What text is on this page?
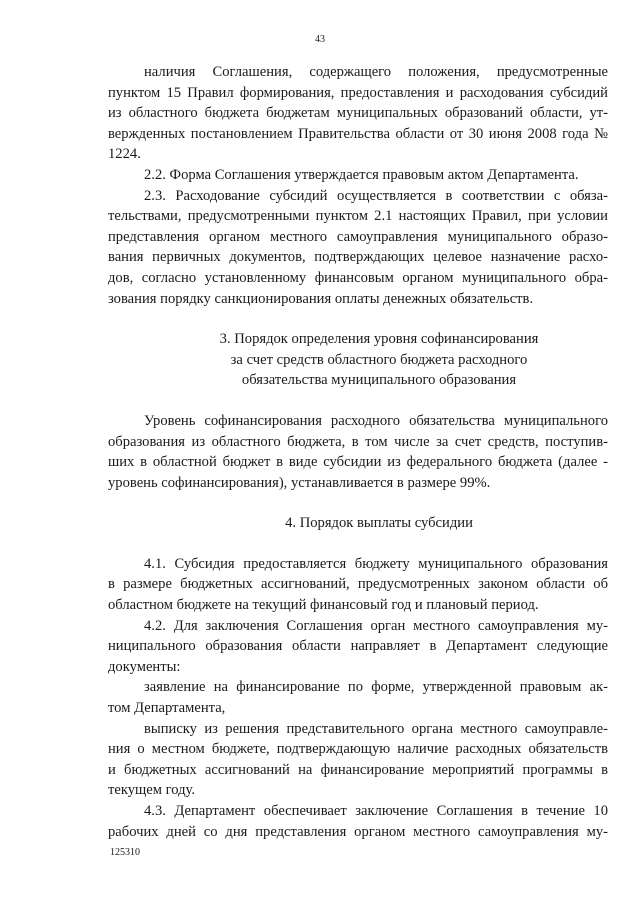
43
наличия Соглашения, содержащего положения, предусмотренные
пунктом 15 Правил формирования, предоставления и расходования субсидий
из областного бюджета бюджетам муниципальных образований области, ут-
вержденных постановлением Правительства области от 30 июня 2008 года №
1224.
2.2. Форма Соглашения утверждается правовым актом Департамента.
2.3. Расходование субсидий осуществляется в соответствии с обяза-
тельствами, предусмотренными пунктом 2.1 настоящих Правил, при условии
представления органом местного самоуправления муниципального образо-
вания первичных документов, подтверждающих целевое назначение расхо-
дов, согласно установленному финансовым органом муниципального обра-
зования порядку санкционирования оплаты денежных обязательств.
3. Порядок определения уровня софинансирования
за счет средств областного бюджета расходного
обязательства муниципального образования
Уровень софинансирования расходного обязательства муниципального
образования из областного бюджета, в том числе за счет средств, поступив-
ших в областной бюджет в виде субсидии из федерального бюджета (далее -
уровень софинансирования), устанавливается в размере 99%.
4. Порядок выплаты субсидии
4.1. Субсидия предоставляется бюджету муниципального образования
в размере бюджетных ассигнований, предусмотренных законом области об
областном бюджете на текущий финансовый год и плановый период.
4.2. Для заключения Соглашения орган местного самоуправления му-
ниципального образования области направляет в Департамент следующие
документы:
заявление на финансирование по форме, утвержденной правовым ак-
том Департамента,
выписку из решения представительного органа местного самоуправле-
ния о местном бюджете, подтверждающую наличие расходных обязательств
и бюджетных ассигнований на финансирование мероприятий программы в
текущем году.
4.3. Департамент обеспечивает заключение Соглашения в течение 10
рабочих дней со дня представления органом местного самоуправления му-
125310
